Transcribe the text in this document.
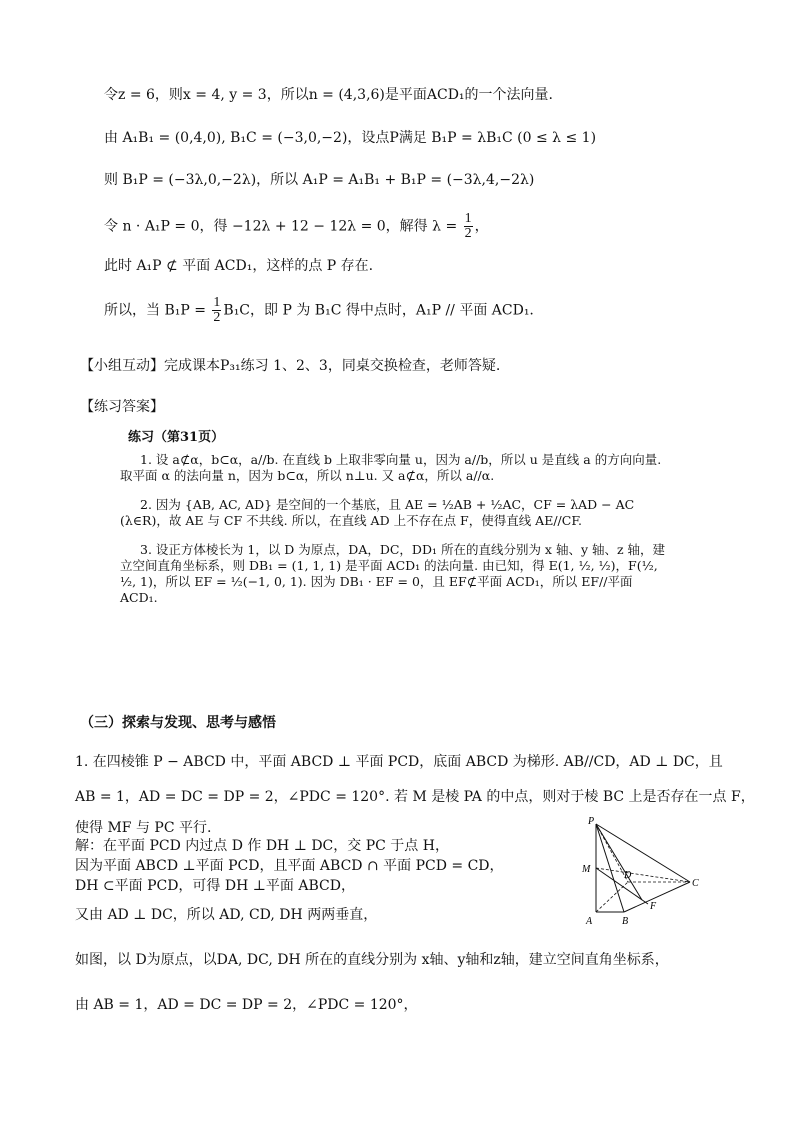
令z = 6，则x = 4, y = 3，所以n = (4,3,6)是平面ACD₁的一个法向量.
由 A₁B₁ = (0,4,0), B₁C = (−3,0,−2)，设点P满足 B₁P = λB₁C (0 ≤ λ ≤ 1)
则 B₁P = (−3λ,0,−2λ)，所以 A₁P = A₁B₁ + B₁P = (−3λ,4,−2λ)
令 n · A₁P = 0，得 −12λ + 12 − 12λ = 0，解得 $\lambda = \frac{1}{2}$ ，
此时 A₁P ⊄ 平面 ACD₁，这样的点 P 存在.
所以，当 $B_1P = \frac{1}{2} B_1C$，即 P 为 B₁C 得中点时，A₁P // 平面 ACD₁.
【小组互动】完成课本P₃₁练习 1、2、3，同桌交换检查，老师答疑.
【练习答案】
练习（第31页）

1. 设 a⊄α，b⊂α，a//b. 在直线 b 上取非零向量 u，因为 a//b，所以 u 是直线 a 的方向向量. 取平面 α 的法向量 n，因为 b⊂α，所以 n⊥u. 又 a⊄α，所以 a//α.

2. 因为 {AB, AC, AD} 是空间的一个基底，且 AE = ½AB + ½AC，CF = λAD − AC (λ∈R)，故 AE 与 CF 不共线. 所以，在直线 AD 上不存在点 F，使得直线 AE//CF.

3. 设正方体棱长为 1，以 D 为原点，DA，DC，DD₁ 所在的直线分别为 x 轴、y 轴、z 轴，建立空间直角坐标系，则 DB₁ = (1, 1, 1) 是平面 ACD₁ 的法向量. 由已知，得 E(1, ½, ½)，F(½, ½, 1)，所以 EF = ½(−1, 0, 1). 因为 DB₁ · EF = 0，且 EF⊄平面 ACD₁，所以 EF//平面 ACD₁.

（三）探索与发现、思考与感悟
1. 在四棱锥 P − ABCD 中，平面 ABCD ⊥ 平面 PCD，底面 ABCD 为梯形. AB//CD，AD ⊥ DC，且
AB = 1，AD = DC = DP = 2，∠PDC = 120°. 若 M 是棱 PA 的中点，则对于棱 BC 上是否存在一点 F，
使得 MF 与 PC 平行.
解：在平面 PCD 内过点 D 作 DH ⊥ DC，交 PC 于点 H，
因为平面 ABCD ⊥平面 PCD，且平面 ABCD ∩ 平面 PCD = CD，
DH ⊂平面 PCD，可得 DH ⊥平面 ABCD，
又由 AD ⊥ DC，所以 AD, CD, DH 两两垂直，
如图，以 D为原点，以DA, DC, DH 所在的直线分别为 x轴、y轴和z轴，建立空间直角坐标系，
由 AB = 1，AD = DC = DP = 2，∠PDC = 120°，
P
M
D
C
F
A	B
